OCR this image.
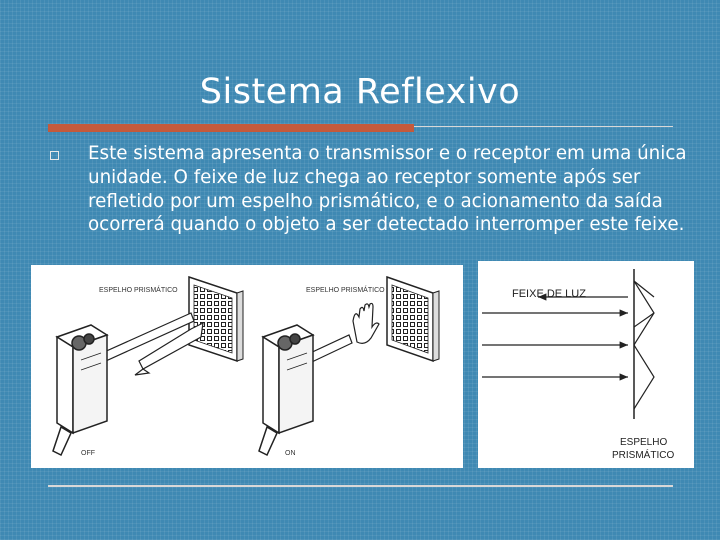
Sistema Reflexivo
Este sistema apresenta o transmissor e o receptor em uma única unidade. O feixe de luz chega ao receptor somente após ser refletido por um espelho prismático, e o acionamento da saída ocorrerá quando o objeto a ser detectado interromper este feixe.
ESPELHO PRISMÁTICO
OFF
ESPELHO PRISMÁTICO
ON
FEIXE DE LUZ
ESPELHO
PRISMÁTICO
